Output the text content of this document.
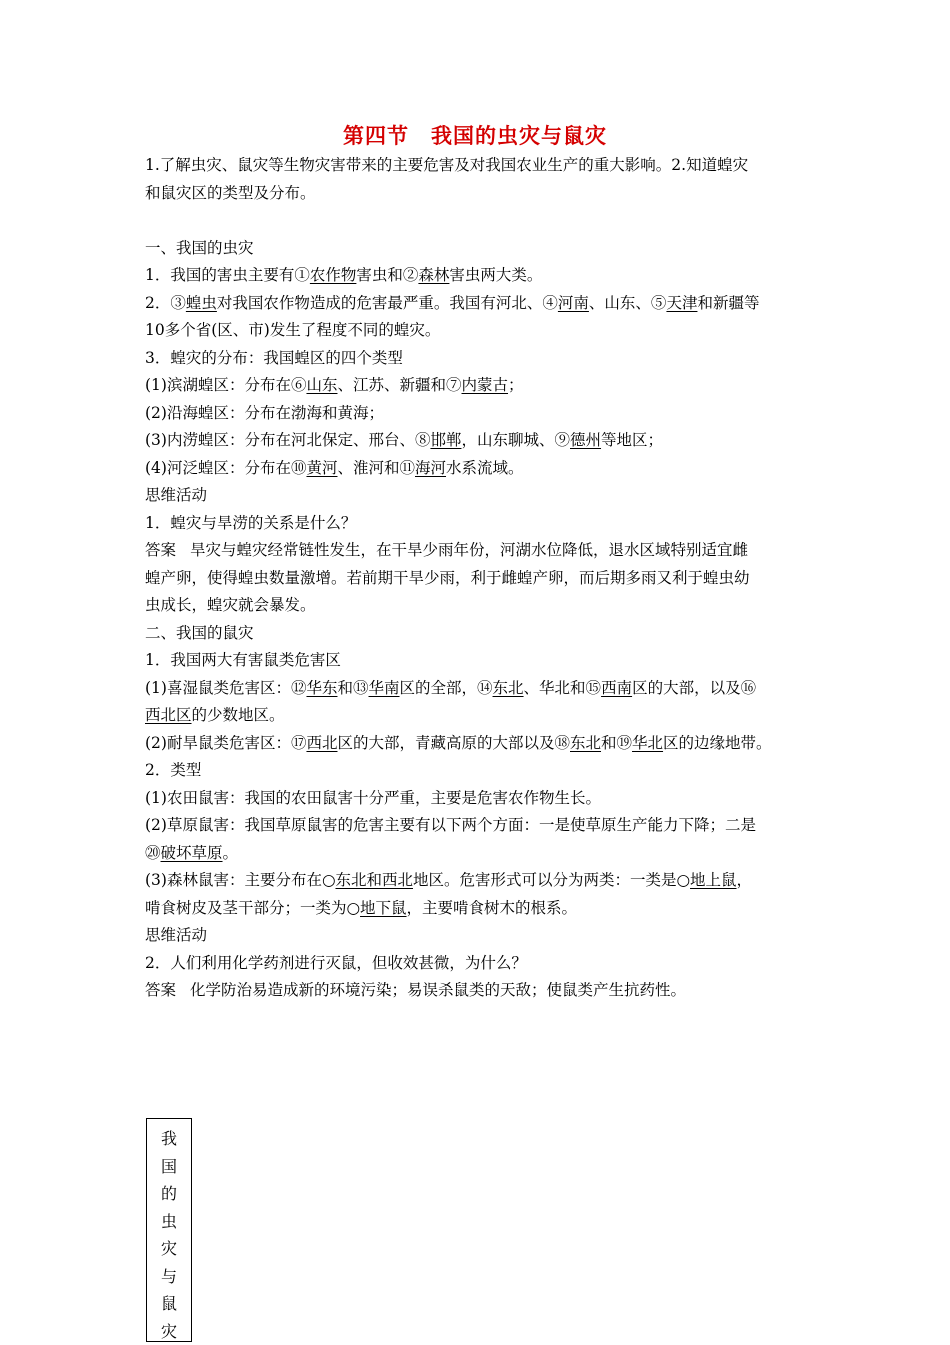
第四节　我国的虫灾与鼠灾
1.了解虫灾、鼠灾等生物灾害带来的主要危害及对我国农业生产的重大影响。2.知道蝗灾
和鼠灾区的类型及分布。
一、我国的虫灾
1．我国的害虫主要有①农作物害虫和②森林害虫两大类。
2．③蝗虫对我国农作物造成的危害最严重。我国有河北、④河南、山东、⑤天津和新疆等
10多个省(区、市)发生了程度不同的蝗灾。
3．蝗灾的分布：我国蝗区的四个类型
(1)滨湖蝗区：分布在⑥山东、江苏、新疆和⑦内蒙古；
(2)沿海蝗区：分布在渤海和黄海；
(3)内涝蝗区：分布在河北保定、邢台、⑧邯郸，山东聊城、⑨德州等地区；
(4)河泛蝗区：分布在⑩黄河、淮河和⑪海河水系流域。
思维活动
1．蝗灾与旱涝的关系是什么？
答案 旱灾与蝗灾经常链性发生，在干旱少雨年份，河湖水位降低，退水区域特别适宜雌
蝗产卵，使得蝗虫数量激增。若前期干旱少雨，利于雌蝗产卵，而后期多雨又利于蝗虫幼
虫成长，蝗灾就会暴发。
二、我国的鼠灾
1．我国两大有害鼠类危害区
(1)喜湿鼠类危害区：⑫华东和⑬华南区的全部，⑭东北、华北和⑮西南区的大部，以及⑯
西北区的少数地区。
(2)耐旱鼠类危害区：⑰西北区的大部，青藏高原的大部以及⑱东北和⑲华北区的边缘地带。
2．类型
(1)农田鼠害：我国的农田鼠害十分严重，主要是危害农作物生长。
(2)草原鼠害：我国草原鼠害的危害主要有以下两个方面：一是使草原生产能力下降；二是
⑳破坏草原。
(3)森林鼠害：主要分布在○东北和西北地区。危害形式可以分为两类：一类是○地上鼠，
啃食树皮及茎干部分；一类为○地下鼠，主要啃食树木的根系。
思维活动
2．人们利用化学药剂进行灭鼠，但收效甚微，为什么？
答案 化学防治易造成新的环境污染；易误杀鼠类的天敌；使鼠类产生抗药性。
我
国
的
虫
灾
与
鼠
灾
